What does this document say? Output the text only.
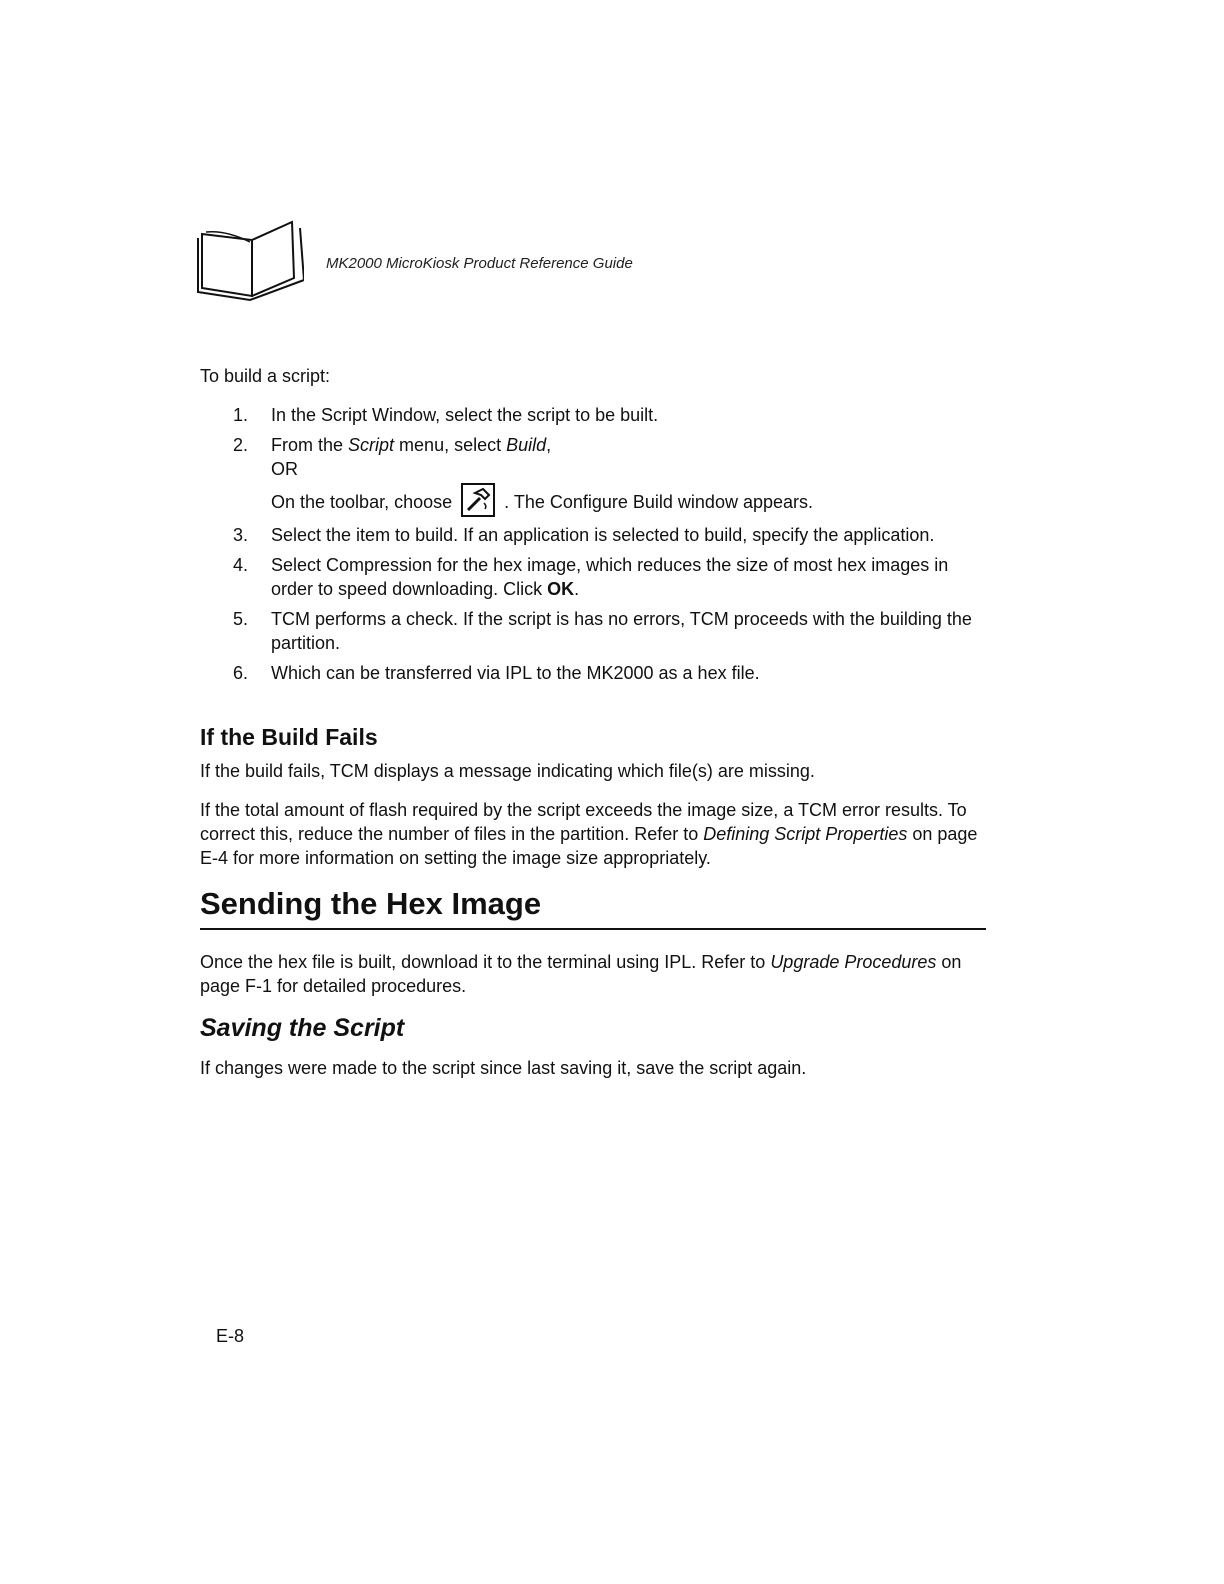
MK2000 MicroKiosk Product Reference Guide

To build a script:

1. In the Script Window, select the script to be built.
2. From the Script menu, select Build,
OR
On the toolbar, choose	. The Configure Build window appears.
3. Select the item to build. If an application is selected to build, specify the application.
4. Select Compression for the hex image, which reduces the size of most hex images in order to speed downloading. Click OK.
5. TCM performs a check. If the script is has no errors, TCM proceeds with the building the partition.
6. Which can be transferred via IPL to the MK2000 as a hex file.
If the Build Fails

If the build fails, TCM displays a message indicating which file(s) are missing.

If the total amount of flash required by the script exceeds the image size, a TCM error results. To correct this, reduce the number of files in the partition. Refer to Defining Script Properties on page E-4 for more information on setting the image size appropriately.

Sending the Hex Image

Once the hex file is built, download it to the terminal using IPL. Refer to Upgrade Procedures on page F-1 for detailed procedures.

Saving the Script

If changes were made to the script since last saving it, save the script again.

E-8
